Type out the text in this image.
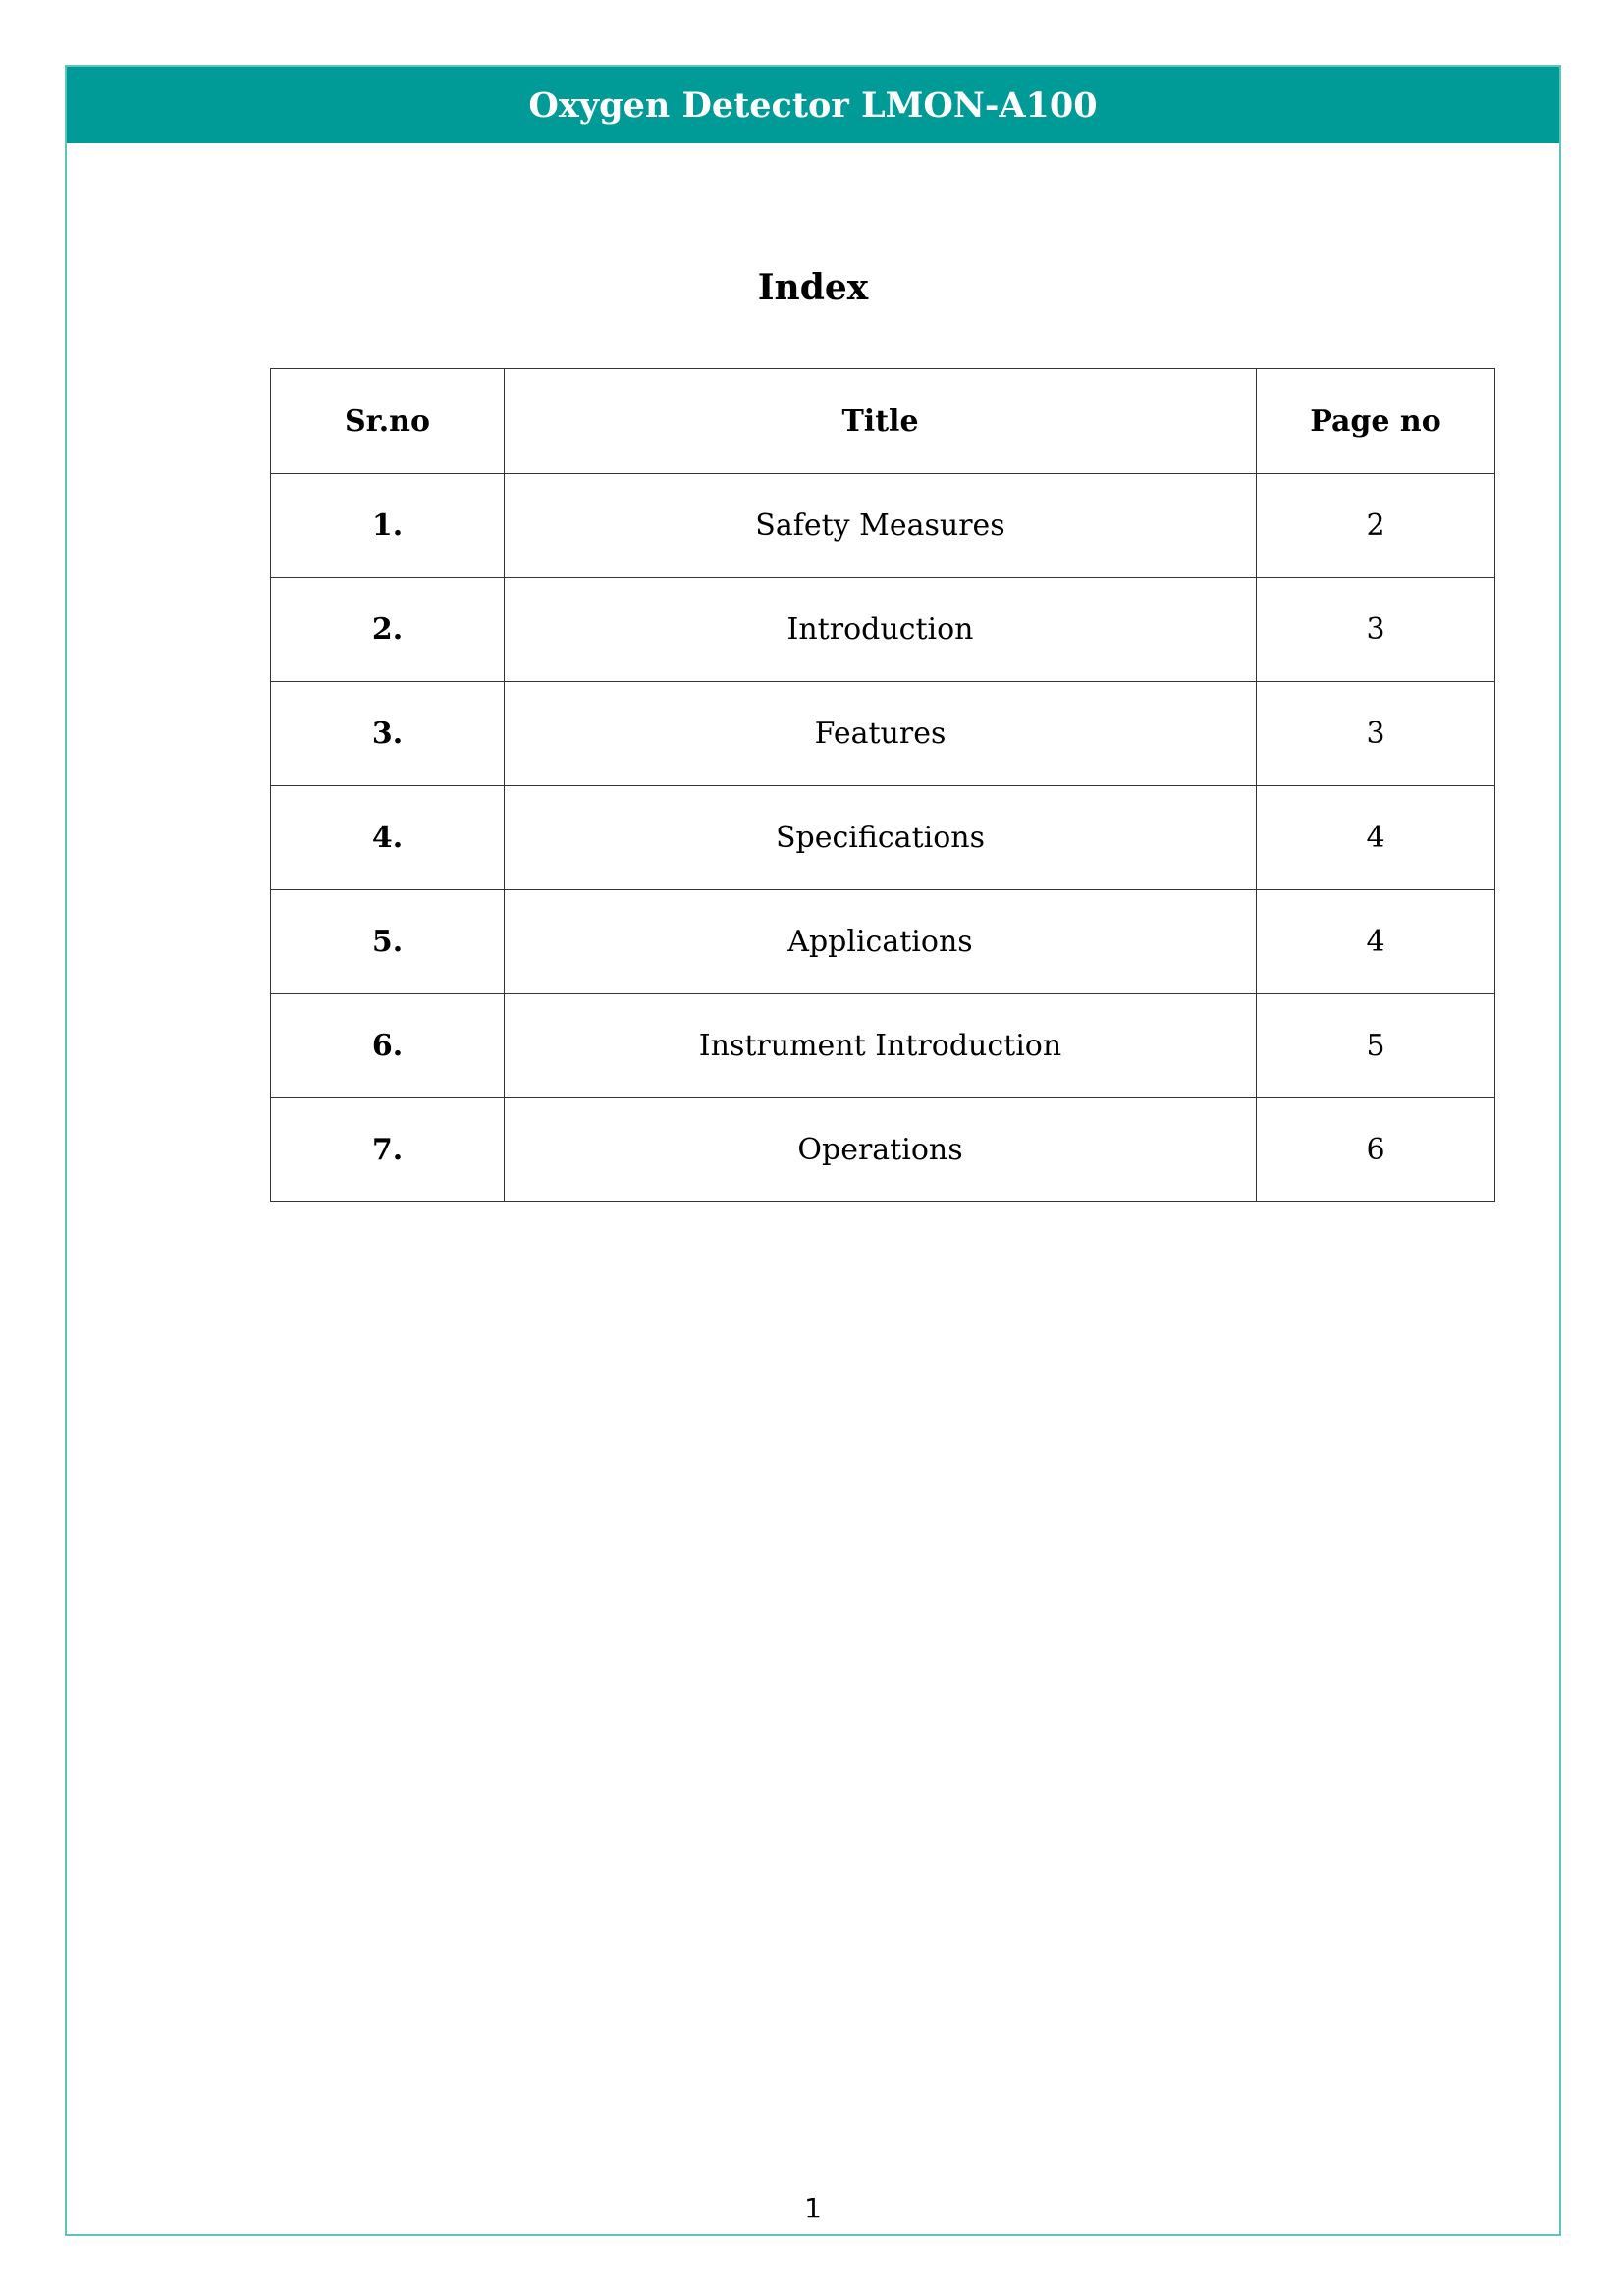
Oxygen Detector LMON-A100
Index
Sr.no	Title	Page no
1.	Safety Measures	2
2.	Introduction	3
3.	Features	3
4.	Specifications	4
5.	Applications	4
6.	Instrument Introduction	5
7.	Operations	6
1
